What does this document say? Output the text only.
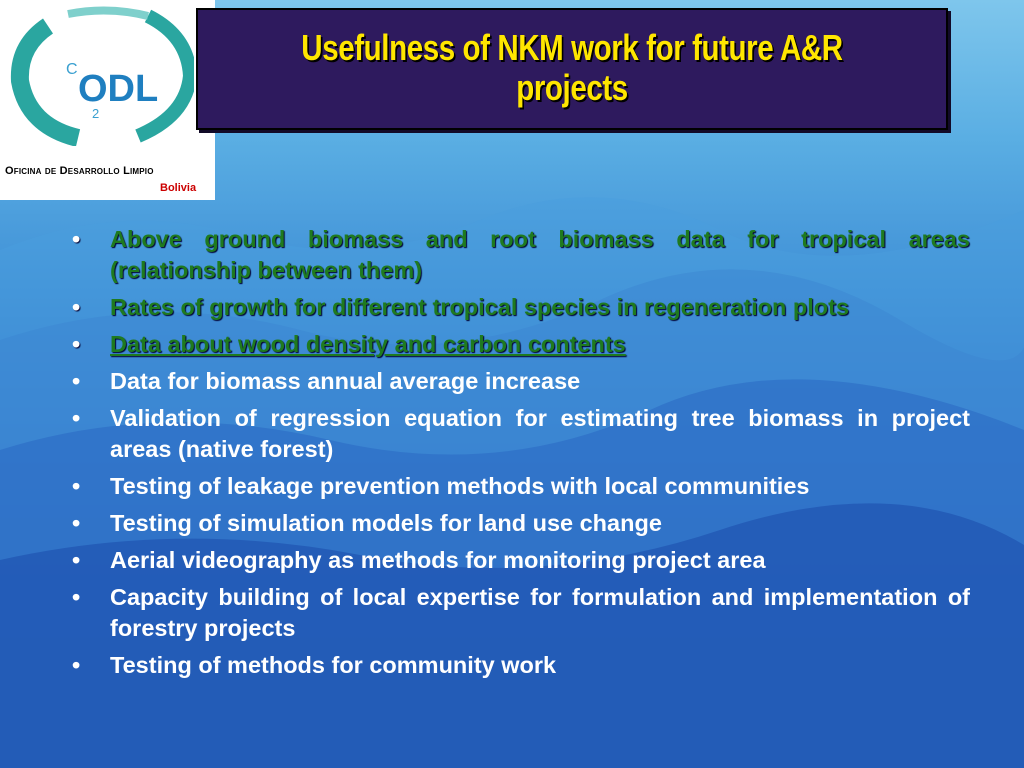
C ODL
2
Oficina de Desarrollo Limpio
Bolivia
Usefulness of NKM work for future A&R projects
• Above ground biomass and root biomass data for tropical areas (relationship between them)
• Rates of growth for different tropical species in regeneration plots
• Data about wood density and carbon contents
• Data for biomass annual average increase
• Validation of regression equation for estimating tree biomass in project areas (native forest)
• Testing of leakage prevention methods with local communities
• Testing of simulation models for land use change
• Aerial videography as methods for monitoring project area
• Capacity building of local expertise for formulation and implementation of forestry projects
• Testing of methods for community work
